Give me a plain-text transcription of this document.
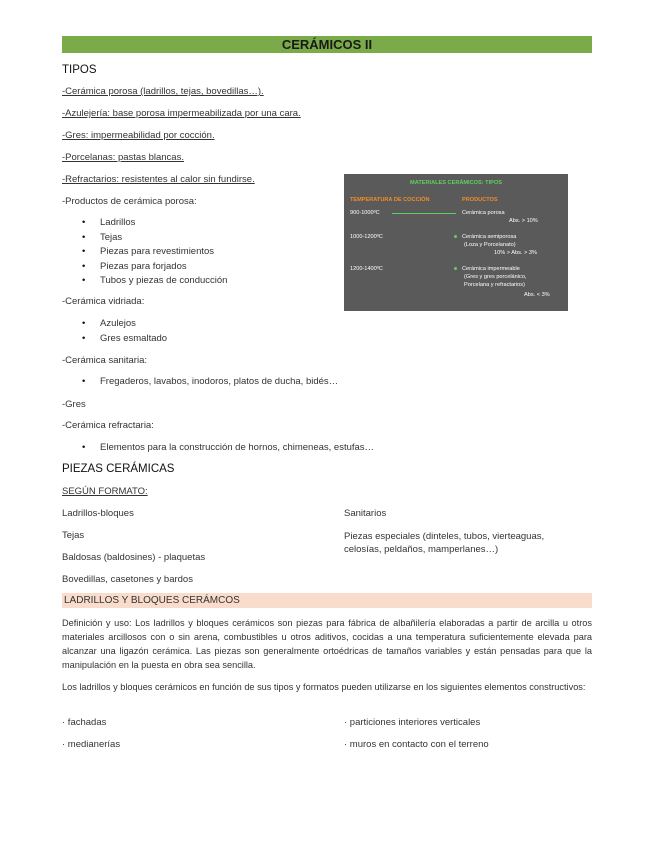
CERÁMICOS II
TIPOS
-Cerámica porosa (ladrillos, tejas, bovedillas…).
-Azulejería: base porosa impermeabilizada por una cara.
-Gres: impermeabilidad por cocción.
-Porcelanas: pastas blancas.
-Refractarios: resistentes al calor sin fundirse.
-Productos de cerámica porosa:
• Ladrillos
• Tejas
• Piezas para revestimientos
• Piezas para forjados
• Tubos y piezas de conducción
-Cerámica vidriada:
• Azulejos
• Gres esmaltado
-Cerámica sanitaria:
• Fregaderos, lavabos, inodoros, platos de ducha, bidés…
-Gres
-Cerámica refractaria:
• Elementos para la construcción de hornos, chimeneas, estufas…
MATERIALES CERÁMICOS: TIPOS
TEMPERATURA DE COCCIÓN	PRODUCTOS
900-1000ºC	Cerámica porosa
Abs. > 10%
1000-1200ºC	Cerámica semiporosa
(Loza y Porcelanato)
10% > Abs. > 3%
1200-1400ºC	Cerámica impermeable
(Gres y gres porcelánico,
Porcelana y refractarios)
Abs. < 3%
PIEZAS CERÁMICAS
SEGÚN FORMATO:
Ladrillos-bloques
Tejas
Baldosas (baldosines) - plaquetas
Bovedillas, casetones y bardos
Sanitarios
Piezas especiales (dinteles, tubos, vierteaguas, celosías, peldaños, mamperlanes…)
LADRILLOS Y BLOQUES CERÁMCOS
Definición y uso: Los ladrillos y bloques cerámicos son piezas para fábrica de albañilería elaboradas a partir de arcilla u otros materiales arcillosos con o sin arena, combustibles u otros aditivos, cocidas a una temperatura suficientemente elevada para alcanzar una ligazón cerámica. Las piezas son generalmente ortoédricas de tamaños variables y están pensadas para que la manipulación en la puesta en obra sea sencilla.
Los ladrillos y bloques cerámicos en función de sus tipos y formatos pueden utilizarse en los siguientes elementos constructivos:
· fachadas
· medianerías
· particiones interiores verticales
· muros en contacto con el terreno
